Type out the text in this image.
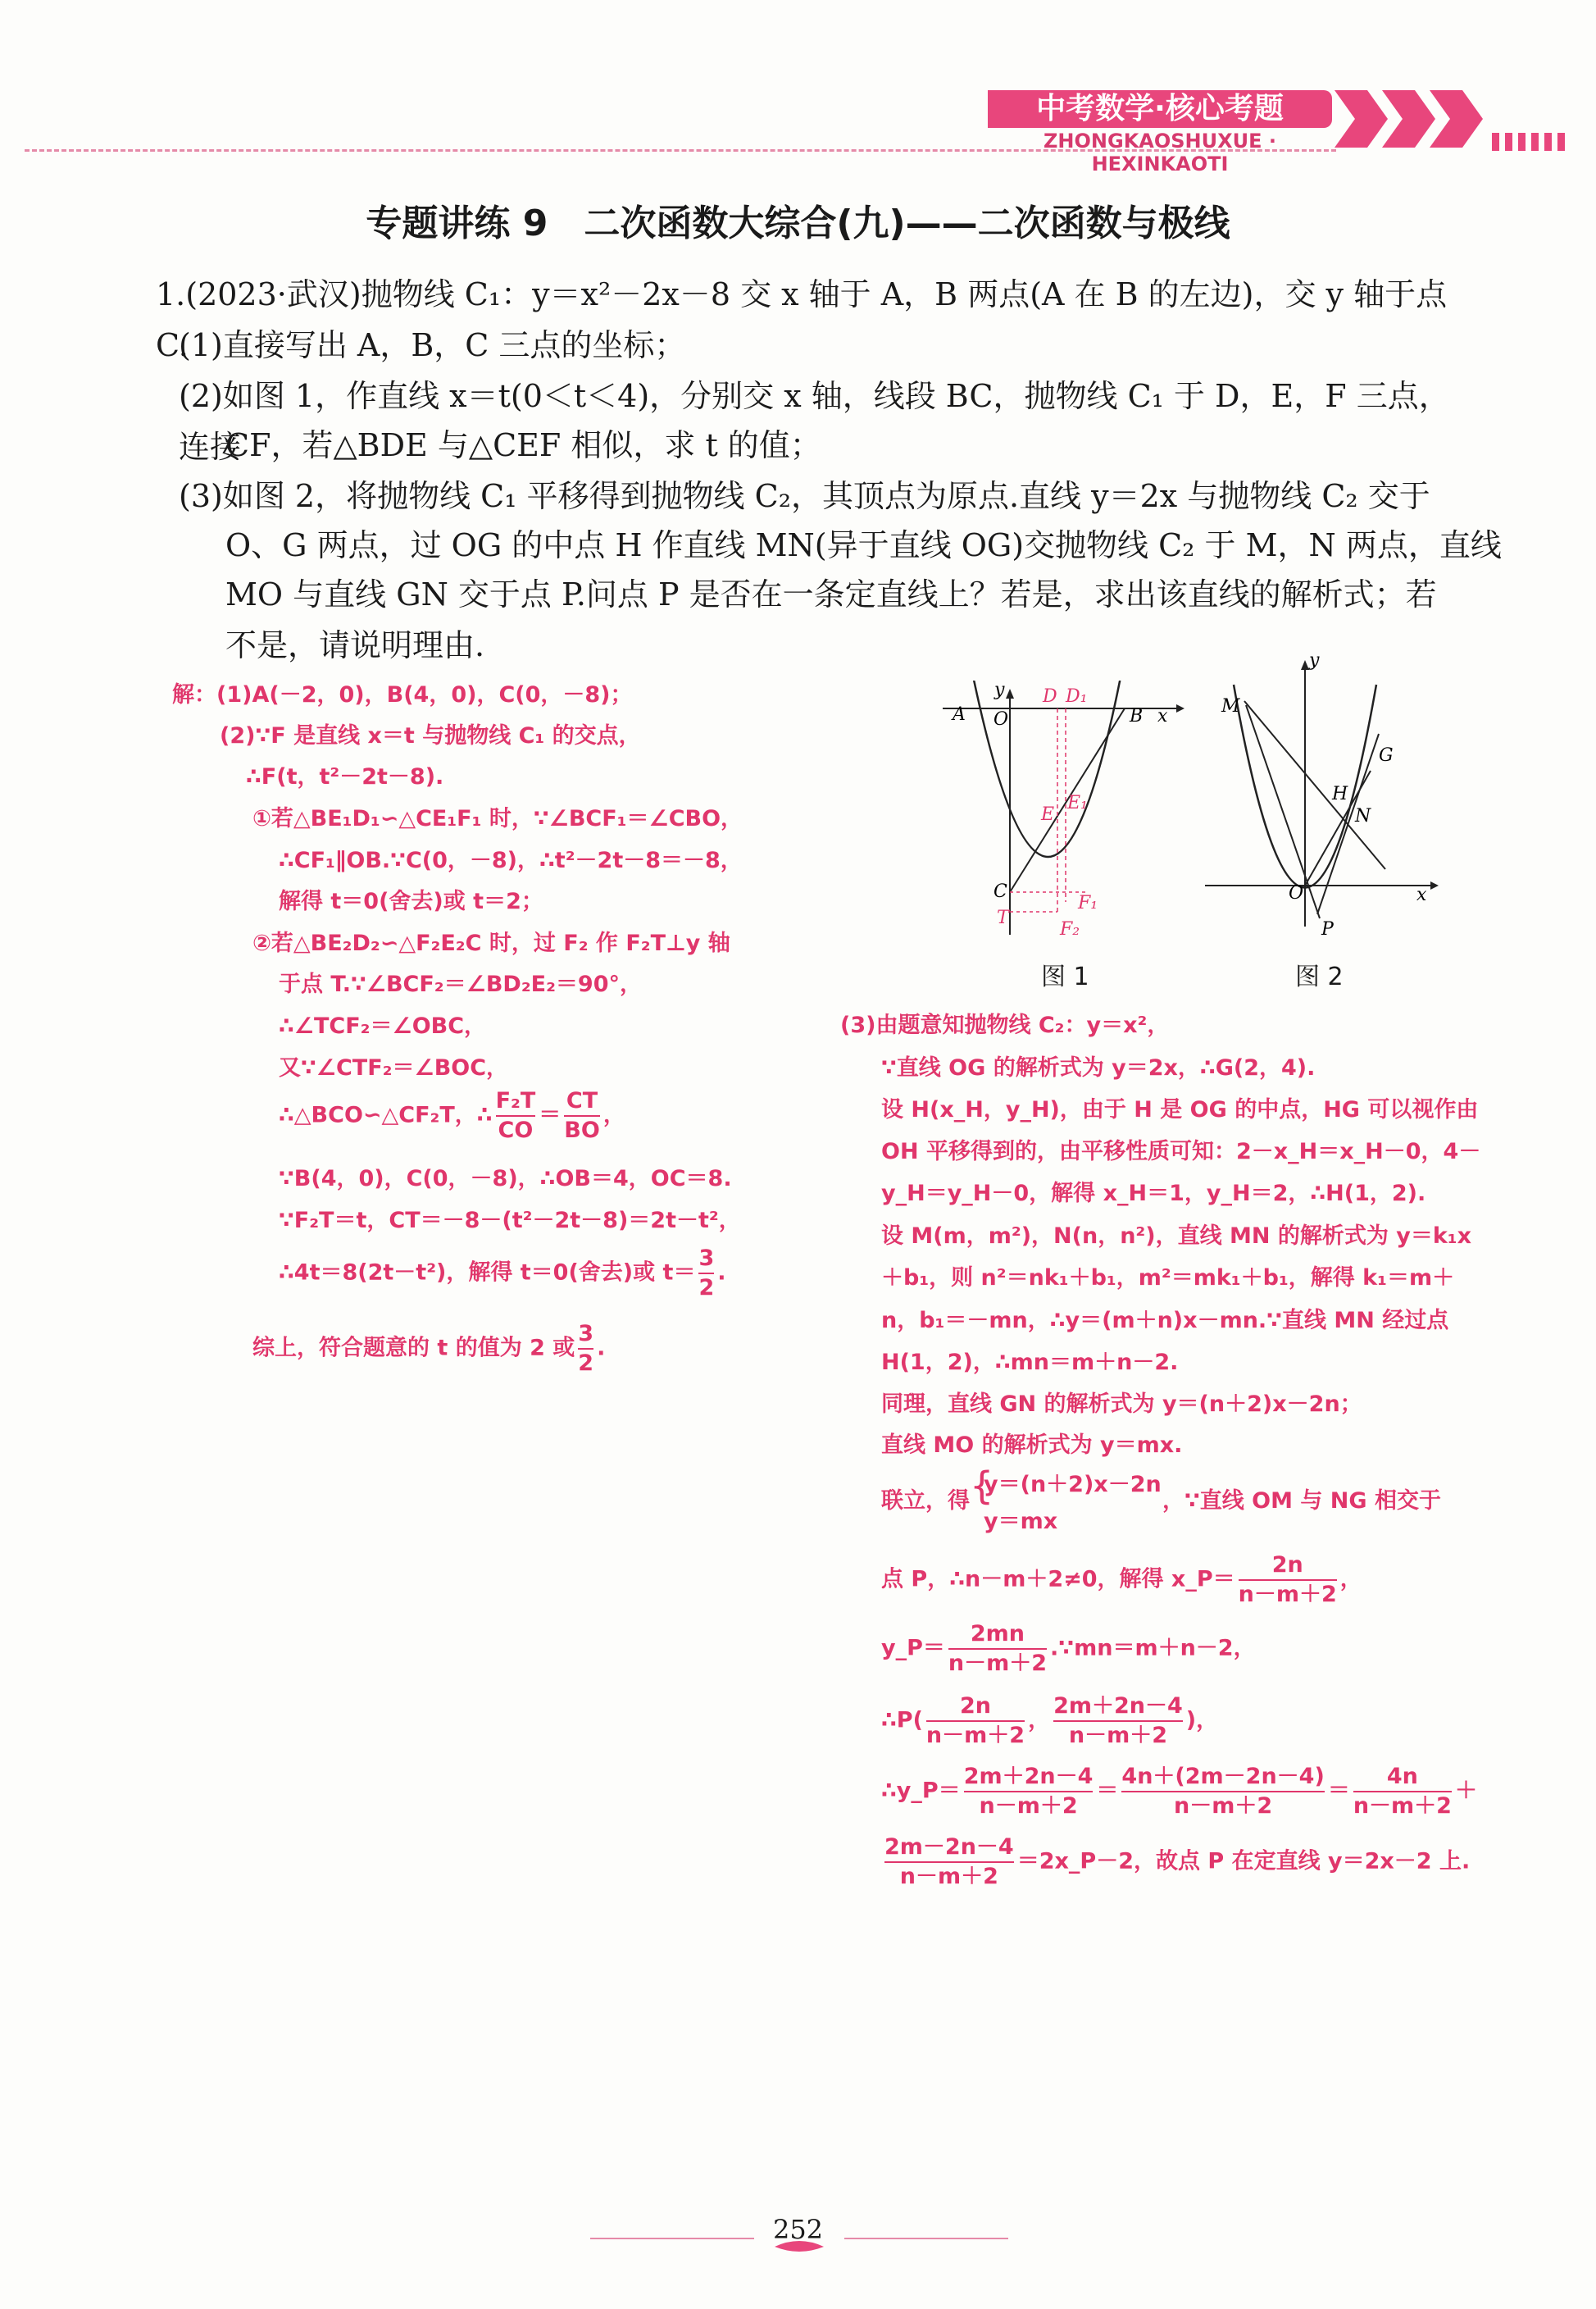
中考数学·核心考题
ZHONGKAOSHUXUE · HEXINKAOTI
专题讲练 9　二次函数大综合(九)——二次函数与极线
1.(2023·武汉)抛物线 C₁：y＝x²－2x－8 交 x 轴于 A，B 两点(A 在 B 的左边)，交 y 轴于点 C.
(1)直接写出 A，B，C 三点的坐标；
(2)如图 1，作直线 x＝t(0＜t＜4)，分别交 x 轴，线段 BC，抛物线 C₁ 于 D，E，F 三点，连接
CF，若△BDE 与△CEF 相似，求 t 的值；
(3)如图 2，将抛物线 C₁ 平移得到抛物线 C₂，其顶点为原点.直线 y＝2x 与抛物线 C₂ 交于
O、G 两点，过 OG 的中点 H 作直线 MN(异于直线 OG)交抛物线 C₂ 于 M，N 两点，直线
MO 与直线 GN 交于点 P.问点 P 是否在一条定直线上？若是，求出该直线的解析式；若
不是，请说明理由.
y
A O
D D₁
B x
E
E₁
C
F₁
T
F₂
图 1
y
M
G
H
N
O	x
P
图 2
解：(1)A(－2，0)，B(4，0)，C(0，－8)；
(2)∵F 是直线 x＝t 与抛物线 C₁ 的交点，
∴F(t，t²－2t－8).
①若△BE₁D₁∽△CE₁F₁ 时，∵∠BCF₁＝∠CBO，
∴CF₁∥OB.∵C(0，－8)，∴t²－2t－8＝－8，
解得 t＝0(舍去)或 t＝2；
②若△BE₂D₂∽△F₂E₂C 时，过 F₂ 作 F₂T⊥y 轴
于点 T.∵∠BCF₂＝∠BD₂E₂＝90°，
∴∠TCF₂＝∠OBC，
又∵∠CTF₂＝∠BOC，
∴△BCO∽△CF₂T，∴ $\frac{\text{F₂T}}{CO} = \frac{CT}{BO}$ ，
∵B(4，0)，C(0，－8)，∴OB＝4，OC＝8.
∵F₂T＝t，CT＝－8－(t²－2t－8)＝2t－t²，
∴4t＝8(2t－t²)，解得 t＝0(舍去)或 $t= \frac{3}{2}$ .
综上，符合题意的 t 的值为 2 或 $\frac{3}{2}$ .
(3)由题意知抛物线 C₂：y＝x²，
∵直线 OG 的解析式为 y＝2x，∴G(2，4).
设 H(x_H，y_H)，由于 H 是 OG 的中点，HG 可以视作由
OH 平移得到的，由平移性质可知：2－x_H＝x_H－0，4－
y_H＝y_H－0，解得 x_H＝1，y_H＝2，∴H(1，2).
设 M(m，m²)，N(n，n²)，直线 MN 的解析式为 y＝k₁x
＋b₁，则 n²＝nk₁＋b₁，m²＝mk₁＋b₁，解得 k₁＝m＋
n，b₁＝－mn，∴y＝(m＋n)x－mn.∵直线 MN 经过点
H(1，2)，∴mn＝m＋n－2.
同理，直线 GN 的解析式为 y＝(n＋2)x－2n；
直线 MO 的解析式为 y＝mx.
联立，得 {
y＝(n＋2)x－2n
y＝mx
，∵直线 OM 与 NG 相交于
点 P，∴n－m＋2≠0，解得 x_P＝ $\frac{2n}{n-m+2}$ ，
y_P＝ $\frac{2mn}{n-m+2}$ .∵mn＝m＋n－2，
∴P( $\frac{2n}{n-m+2}$ ， $\frac{2m+2n-4}{n-m+2}$ )，
∴y_P＝ $\frac{2m+2n-4}{n-m+2} = \frac{4n+(2m-2n-4)}{n-m+2} = \frac{4n}{n-m+2}$ ＋
$\frac{2m-2n-4}{n-m+2}$ ＝2x_P－2，故点 P 在定直线 y＝2x－2 上.
252
